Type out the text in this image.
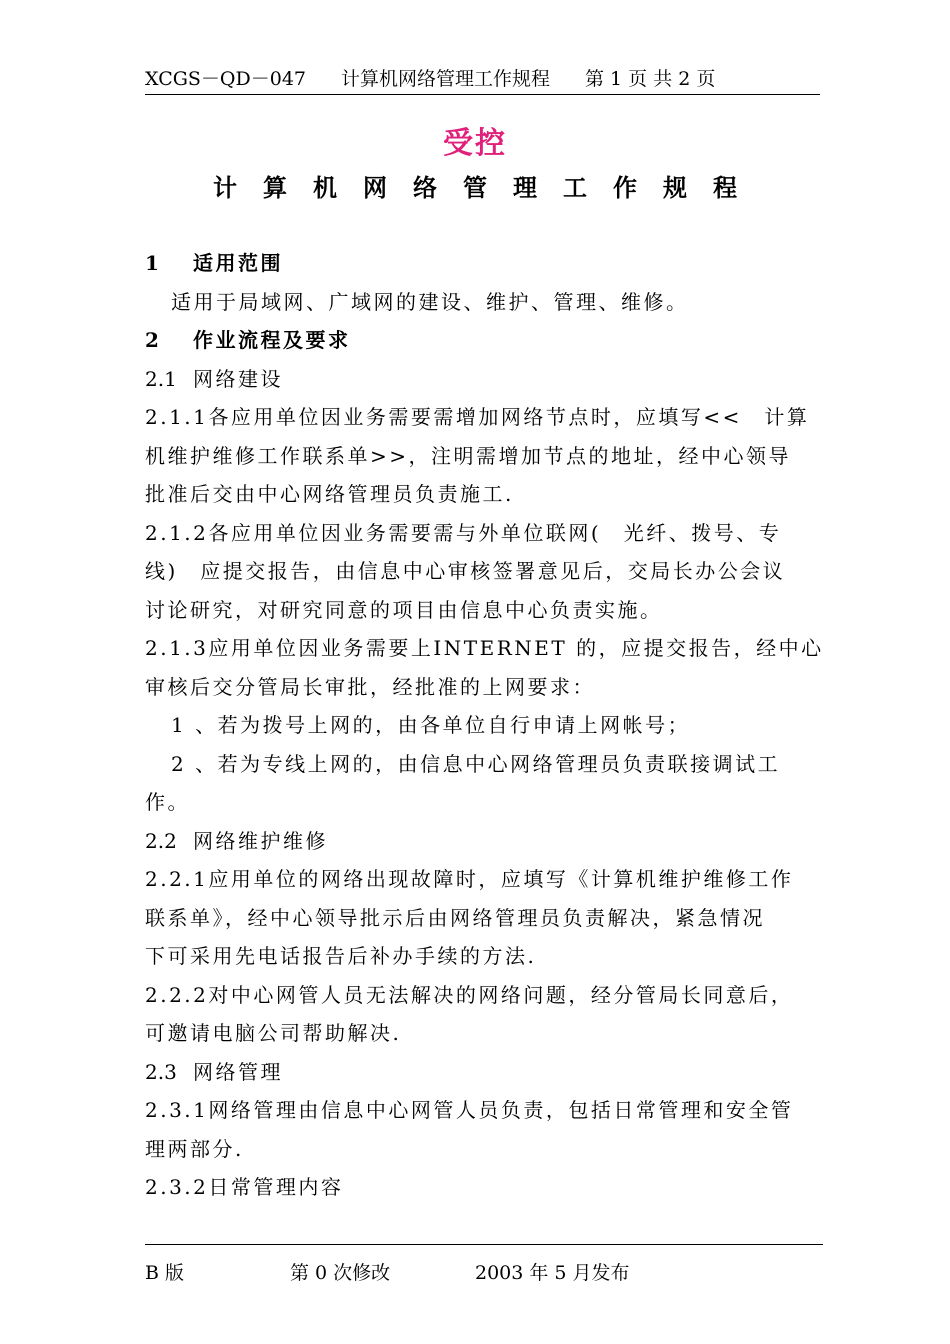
XCGS－QD－047 计算机网络管理工作规程 第 1 页 共 2 页
受控
计算机网络管理工作规程
1 适用范围
适用于局域网、广域网的建设、维护、管理、维修。
2 作业流程及要求
2.1 网络建设
2.1.1各应用单位因业务需要需增加网络节点时，应填写<<　计算
机维护维修工作联系单>>，注明需增加节点的地址，经中心领导
批准后交由中心网络管理员负责施工.
2.1.2各应用单位因业务需要需与外单位联网(　光纤、拨号、专
线)　应提交报告，由信息中心审核签署意见后，交局长办公会议
讨论研究，对研究同意的项目由信息中心负责实施。
2.1.3应用单位因业务需要上INTERNET 的，应提交报告，经中心
审核后交分管局长审批，经批准的上网要求：
1 、若为拨号上网的，由各单位自行申请上网帐号；
2 、若为专线上网的，由信息中心网络管理员负责联接调试工
作。
2.2 网络维护维修
2.2.1应用单位的网络出现故障时，应填写《计算机维护维修工作
联系单》，经中心领导批示后由网络管理员负责解决，紧急情况
下可采用先电话报告后补办手续的方法.
2.2.2对中心网管人员无法解决的网络问题，经分管局长同意后，
可邀请电脑公司帮助解决.
2.3 网络管理
2.3.1网络管理由信息中心网管人员负责，包括日常管理和安全管
理两部分.
2.3.2日常管理内容
B 版	第 0 次修改	2003 年 5 月发布
